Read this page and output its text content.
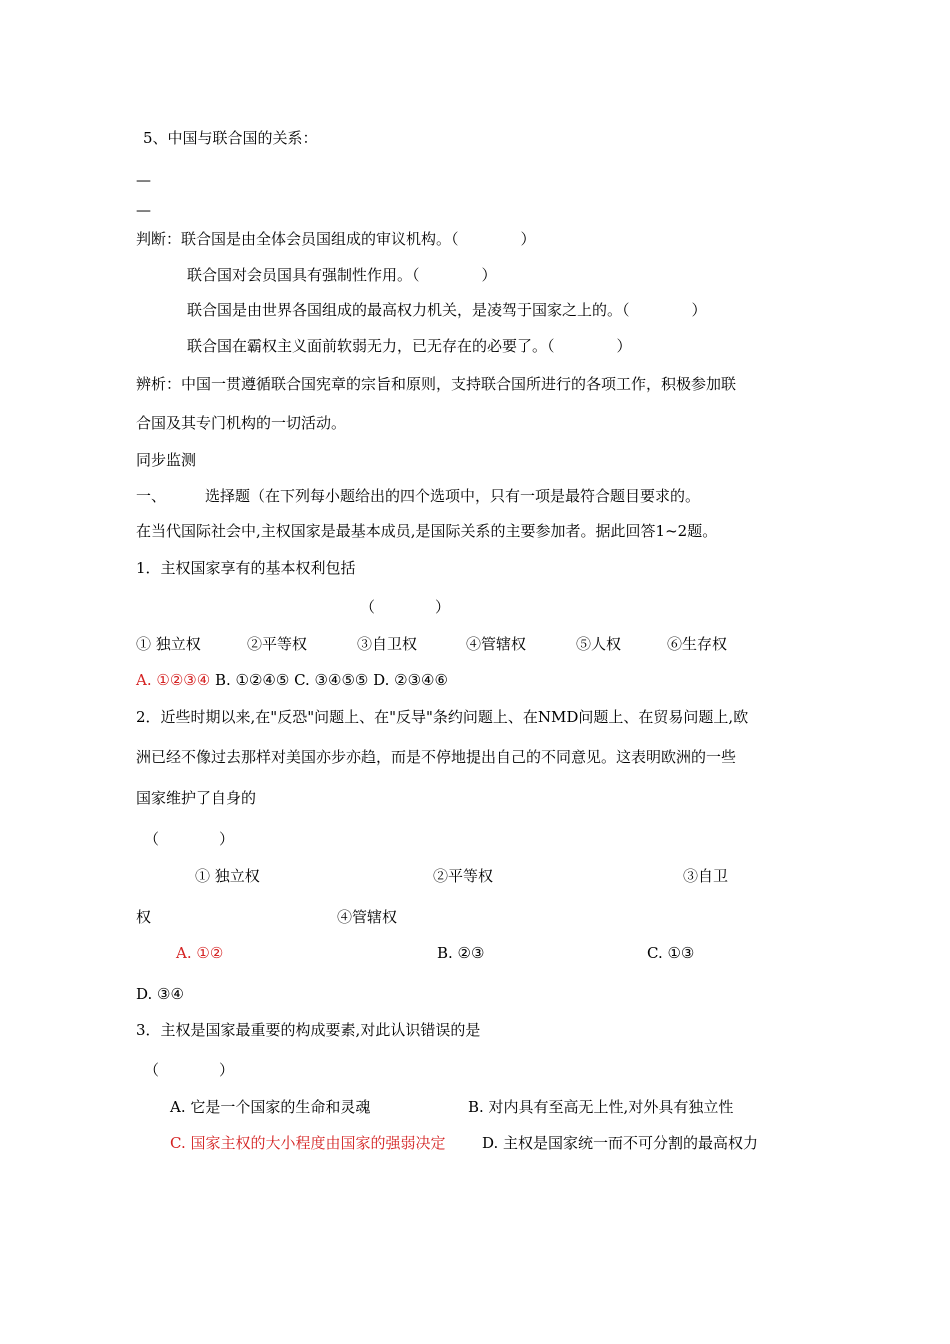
5、中国与联合国的关系：
—
—
判断：联合国是由全体会员国组成的审议机构。（	）
联合国对会员国具有强制性作用。（	）
联合国是由世界各国组成的最高权力机关，是凌驾于国家之上的。（	）
联合国在霸权主义面前软弱无力，已无存在的必要了。（	）
辨析：中国一贯遵循联合国宪章的宗旨和原则，支持联合国所进行的各项工作，积极参加联
合国及其专门机构的一切活动。
同步监测
一、	选择题（在下列每小题给出的四个选项中，只有一项是最符合题目要求的。
在当代国际社会中,主权国家是最基本成员,是国际关系的主要参加者。据此回答1~2题。
1．主权国家享有的基本权利包括
（　　　　）
① 独立权	②平等权	③自卫权	④管辖权	⑤人权	⑥生存权
A. ①②③④ B. ①②④⑤ C. ③④⑤⑤ D. ②③④⑥
2．近些时期以来,在"反恐"问题上、在"反导"条约问题上、在NMD问题上、在贸易问题上,欧
洲已经不像过去那样对美国亦步亦趋，而是不停地提出自己的不同意见。这表明欧洲的一些
国家维护了自身的
（　　　　）
① 独立权	②平等权	③自卫
权	④管辖权
A. ①②	B. ②③	C. ①③
D. ③④
3．主权是国家最重要的构成要素,对此认识错误的是
（　　　　）
A. 它是一个国家的生命和灵魂	B. 对内具有至高无上性,对外具有独立性
C. 国家主权的大小程度由国家的强弱决定 D. 主权是国家统一而不可分割的最高权力
